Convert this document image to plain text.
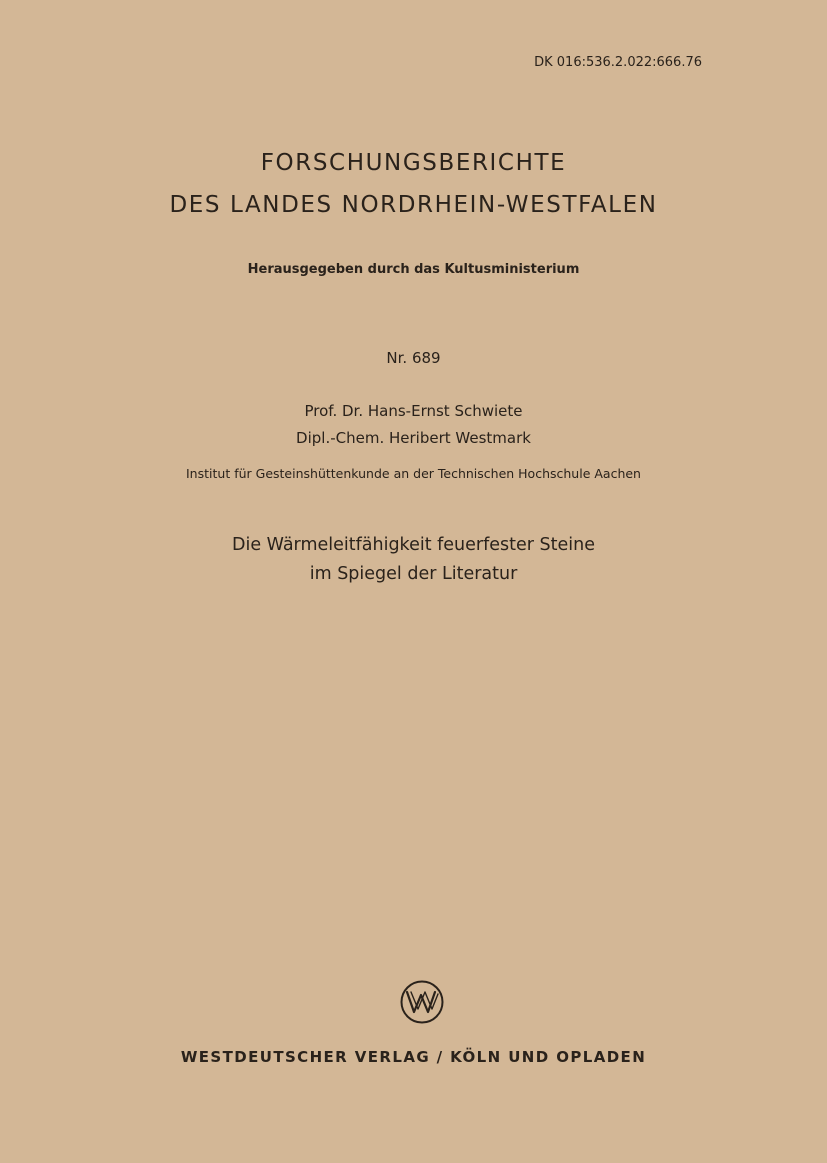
DK 016:536.2.022:666.76
FORSCHUNGSBERICHTE
DES LANDES NORDRHEIN-WESTFALEN
Herausgegeben durch das Kultusministerium
Nr. 689
Prof. Dr. Hans-Ernst Schwiete
Dipl.-Chem. Heribert Westmark
Institut für Gesteinshüttenkunde an der Technischen Hochschule Aachen
Die Wärmeleitfähigkeit feuerfester Steine
im Spiegel der Literatur
WESTDEUTSCHER VERLAG / KÖLN UND OPLADEN
